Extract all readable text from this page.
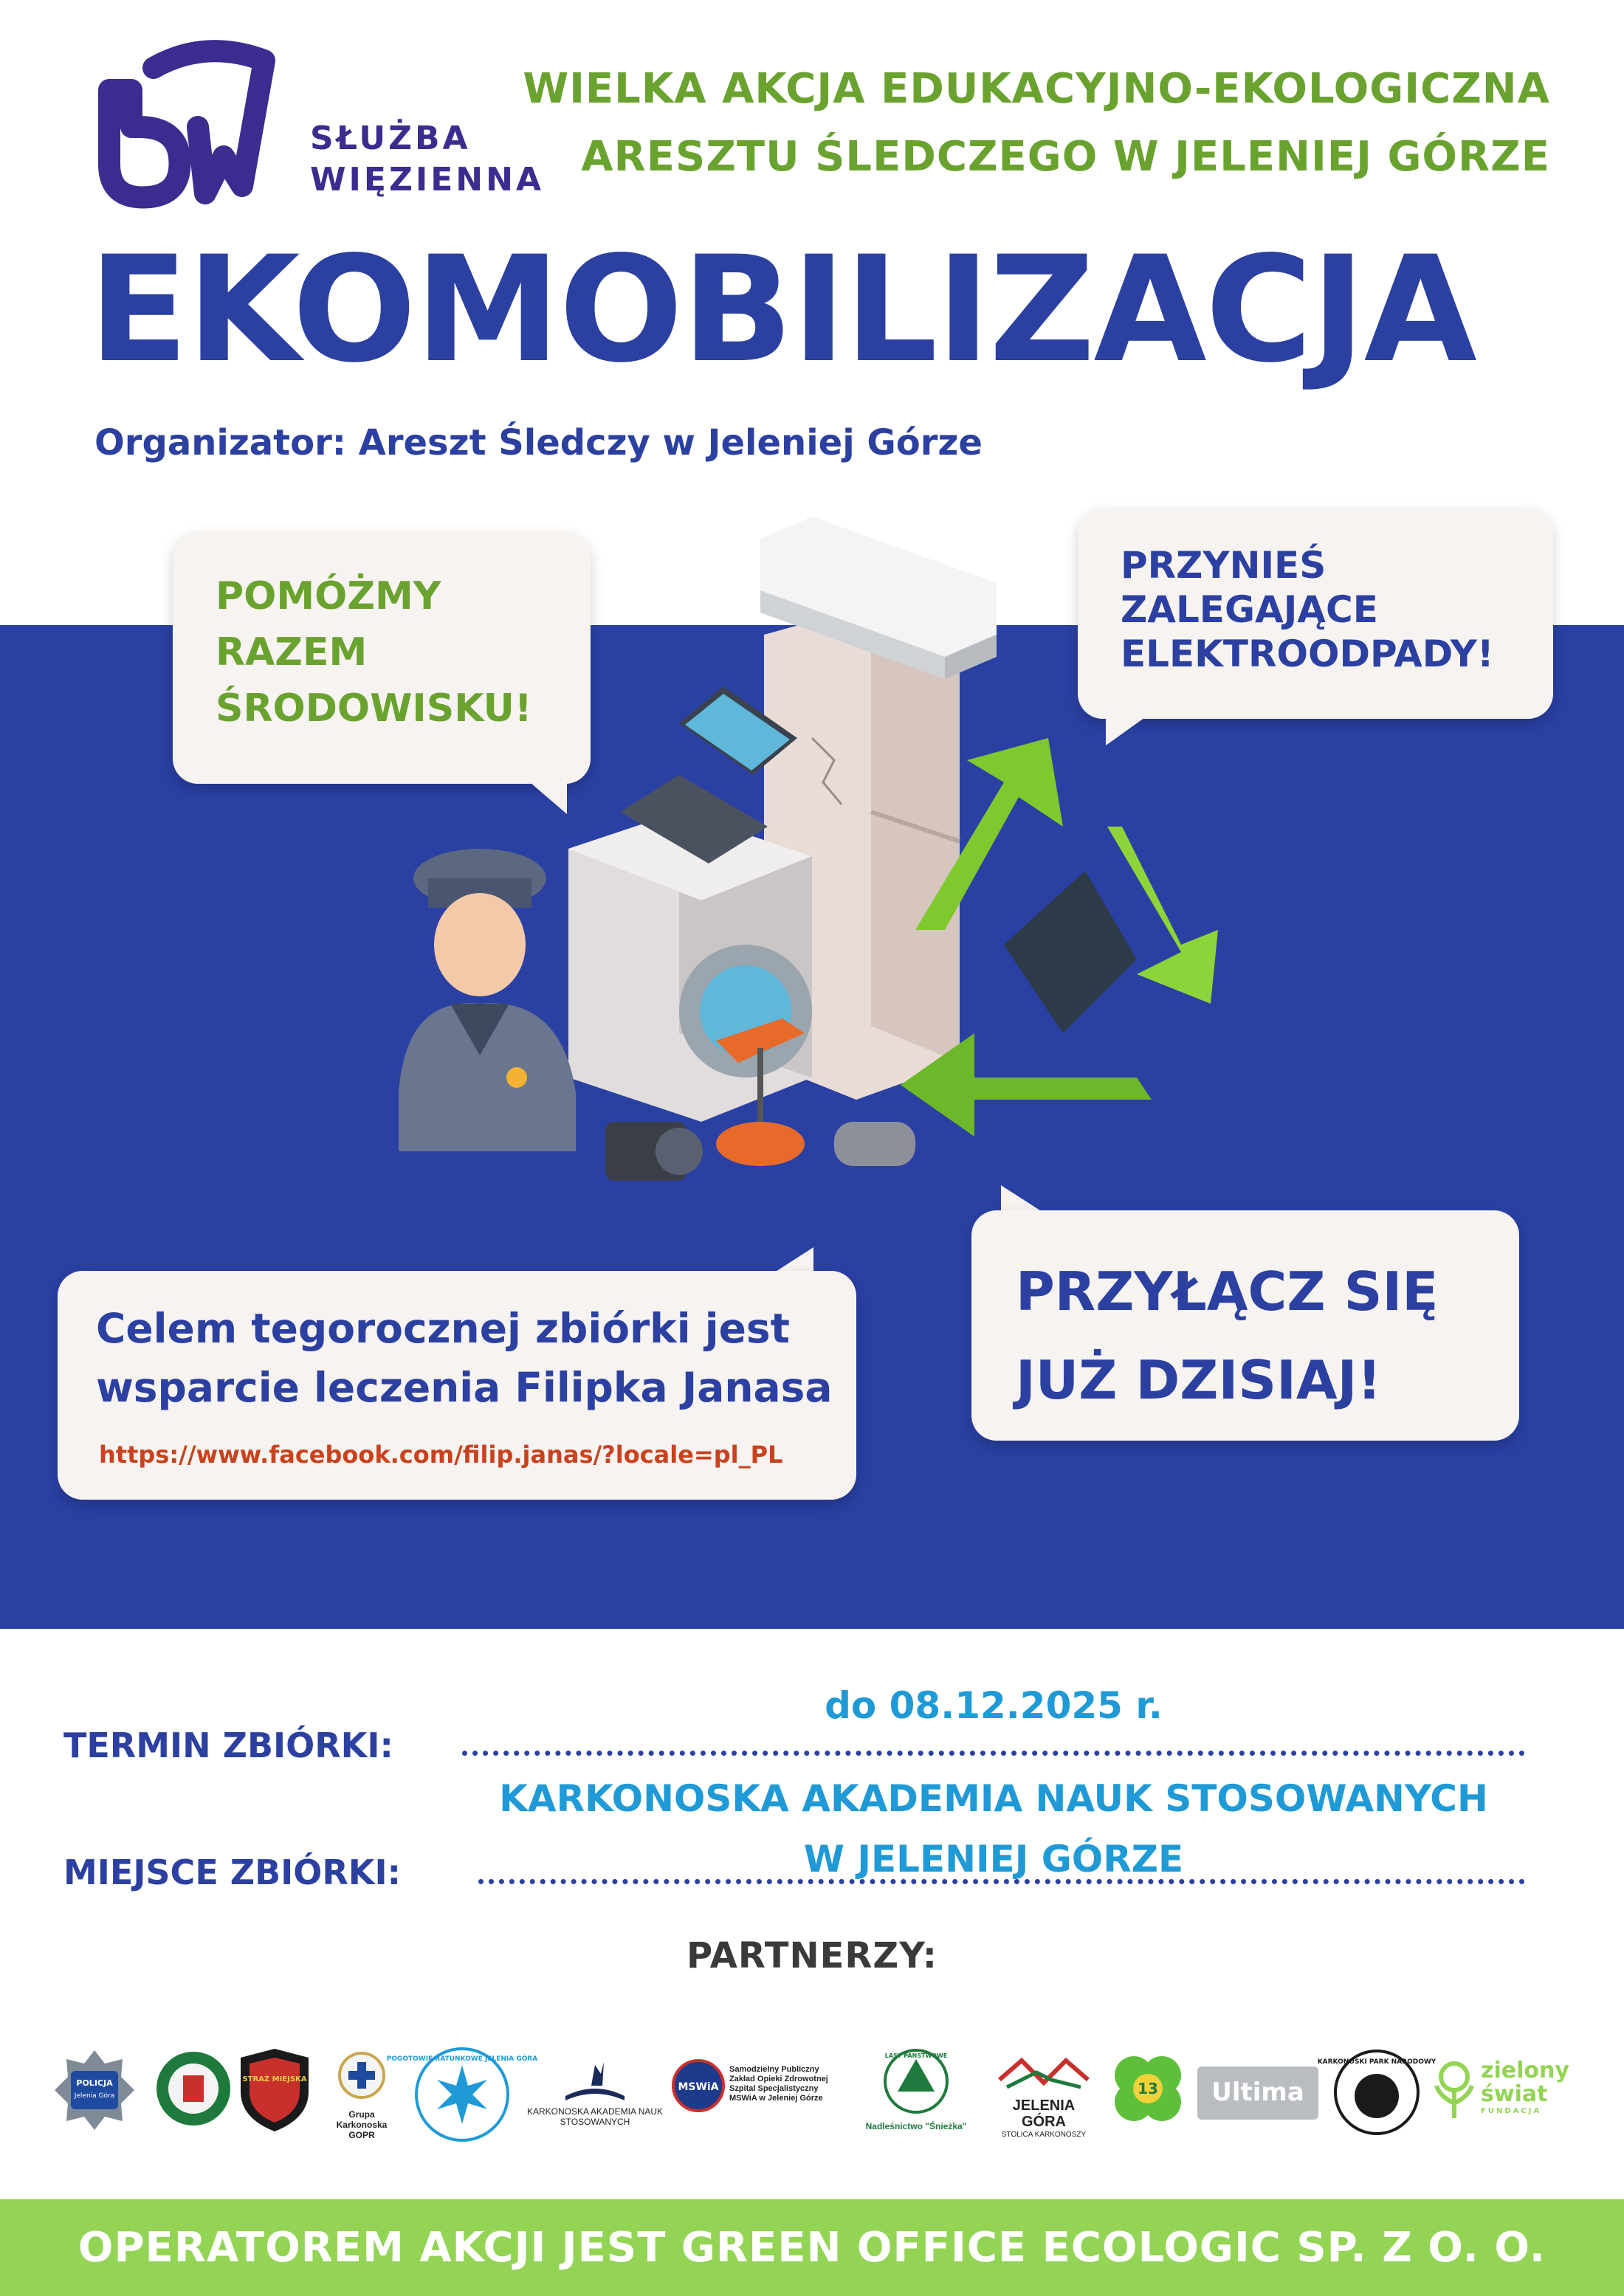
SŁUŻBA
WIĘZIENNA
WIELKA AKCJA EDUKACYJNO-EKOLOGICZNA
ARESZTU ŚLEDCZEGO W JELENIEJ GÓRZE
EKOMOBILIZACJA
Organizator: Areszt Śledczy w Jeleniej Górze
POMÓŻMY
RAZEM
ŚRODOWISKU!
PRZYNIEŚ
ZALEGAJĄCE
ELEKTROODPADY!
Celem tegorocznej zbiórki jest
wsparcie leczenia Filipka Janasa
https://www.facebook.com/filip.janas/?locale=pl_PL
PRZYŁĄCZ SIĘ
JUŻ DZISIAJ!
TERMIN ZBIÓRKI:
do 08.12.2025 r.
MIEJSCE ZBIÓRKI:
KARKONOSKA AKADEMIA NAUK STOSOWANYCH
W JELENIEJ GÓRZE
PARTNERZY:
POLICJA
Jelenia Góra
STRAŻ MIEJSKA
Grupa Karkonoska GOPR
POGOTOWIE RATUNKOWE JELENIA GÓRA
KARKONOSKA AKADEMIA NAUK STOSOWANYCH
MSWiA
Samodzielny Publiczny Zakład Opieki Zdrowotnej Szpital Specjalistyczny MSWiA w Jeleniej Górze
LASY PAŃSTWOWE
Nadleśnictwo "Śnieżka"
JELENIA GÓRA
STOLICA KARKONOSZY
13 Ultima
KARKONOSKI PARK NARODOWY zielony
świat
FUNDACJA
OPERATOREM AKCJI JEST GREEN OFFICE ECOLOGIC SP. Z O. O.
